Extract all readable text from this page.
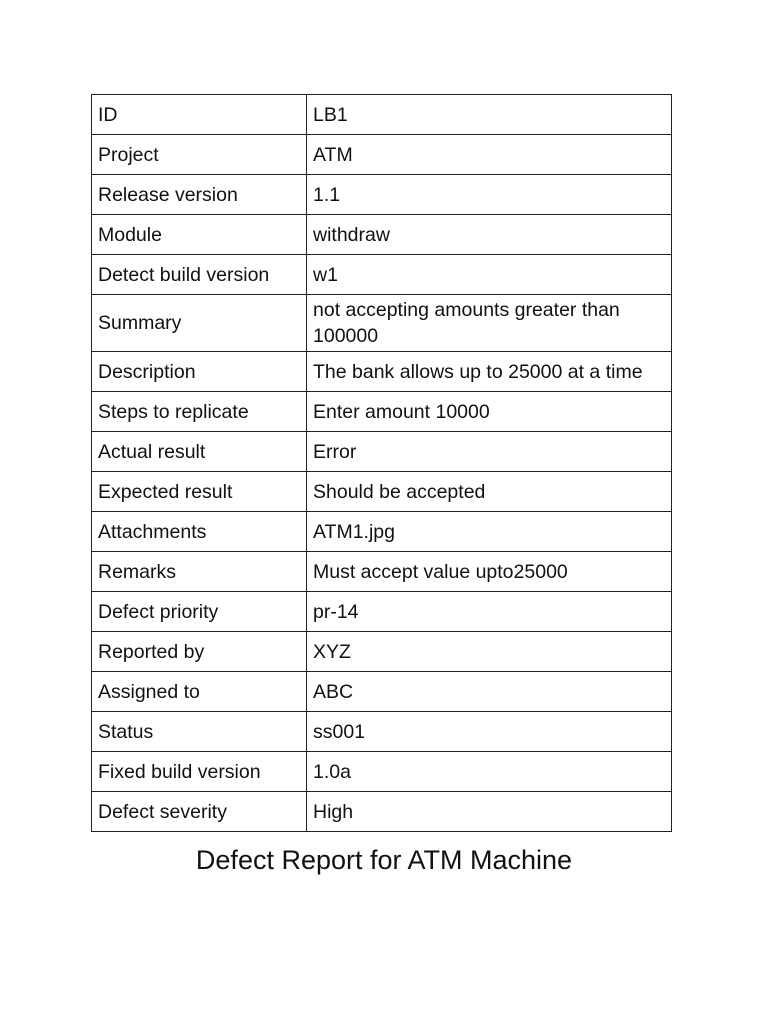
ID	LB1
Project	ATM
Release version	1.1
Module	withdraw
Detect build version	w1
Summary	not accepting amounts greater than 100000
Description	The bank allows up to 25000 at a time
Steps to replicate	Enter amount 10000
Actual result	Error
Expected result	Should be accepted
Attachments	ATM1.jpg
Remarks	Must accept value upto25000
Defect priority	pr-14
Reported by	XYZ
Assigned to	ABC
Status	ss001
Fixed build version	1.0a
Defect severity	High
Defect Report for ATM Machine
